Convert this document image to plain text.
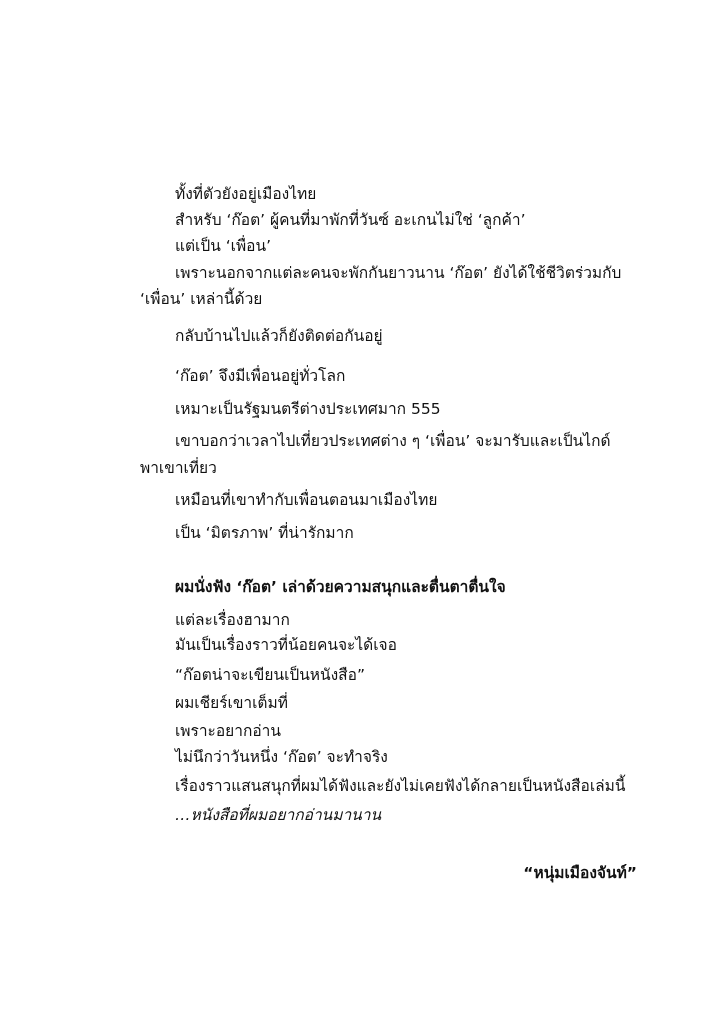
ทั้งที่ตัวยังอยู่เมืองไทย
สำหรับ ‘ก๊อต’ ผู้คนที่มาพักที่วันซ์ อะเกนไม่ใช่ ‘ลูกค้า’
แต่เป็น ‘เพื่อน’
เพราะนอกจากแต่ละคนจะพักกันยาวนาน ‘ก๊อต’ ยังได้ใช้ชีวิตร่วมกับ
‘เพื่อน’ เหล่านี้ด้วย
กลับบ้านไปแล้วก็ยังติดต่อกันอยู่
‘ก๊อต’ จึงมีเพื่อนอยู่ทั่วโลก
เหมาะเป็นรัฐมนตรีต่างประเทศมาก 555
เขาบอกว่าเวลาไปเที่ยวประเทศต่าง ๆ ‘เพื่อน’ จะมารับและเป็นไกด์
พาเขาเที่ยว
เหมือนที่เขาทำกับเพื่อนตอนมาเมืองไทย
เป็น ‘มิตรภาพ’ ที่น่ารักมาก
ผมนั่งฟัง ‘ก๊อต’ เล่าด้วยความสนุกและตื่นตาตื่นใจ
แต่ละเรื่องฮามาก
มันเป็นเรื่องราวที่น้อยคนจะได้เจอ
“ก๊อตน่าจะเขียนเป็นหนังสือ”
ผมเชียร์เขาเต็มที่
เพราะอยากอ่าน
ไม่นึกว่าวันหนึ่ง ‘ก๊อต’ จะทำจริง
เรื่องราวแสนสนุกที่ผมได้ฟังและยังไม่เคยฟังได้กลายเป็นหนังสือเล่มนี้
…หนังสือที่ผมอยากอ่านมานาน
“หนุ่มเมืองจันท์”
